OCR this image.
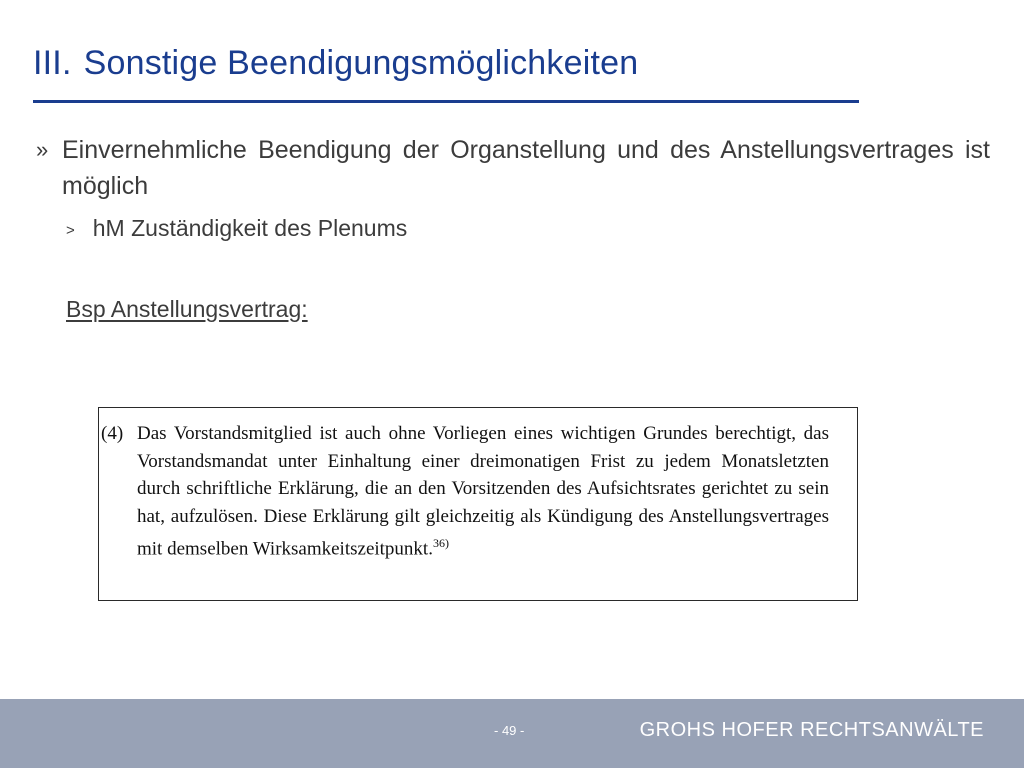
III. Sonstige Beendigungsmöglichkeiten
» Einvernehmliche Beendigung der Organstellung und des Anstellungsvertrages ist möglich
> hM Zuständigkeit des Plenums
Bsp Anstellungsvertrag:
(4) Das Vorstandsmitglied ist auch ohne Vorliegen eines wichtigen Grundes berechtigt, das Vorstandsmandat unter Einhaltung einer dreimonatigen Frist zu jedem Monatsletzten durch schriftliche Erklärung, die an den Vorsitzenden des Aufsichtsrates gerichtet zu sein hat, aufzulösen. Diese Erklärung gilt gleichzeitig als Kündigung des Anstellungsvertrages mit demselben Wirksamkeitszeitpunkt.$^{36)}$
- 49 -	GROHS HOFER RECHTSANWÄLTE
